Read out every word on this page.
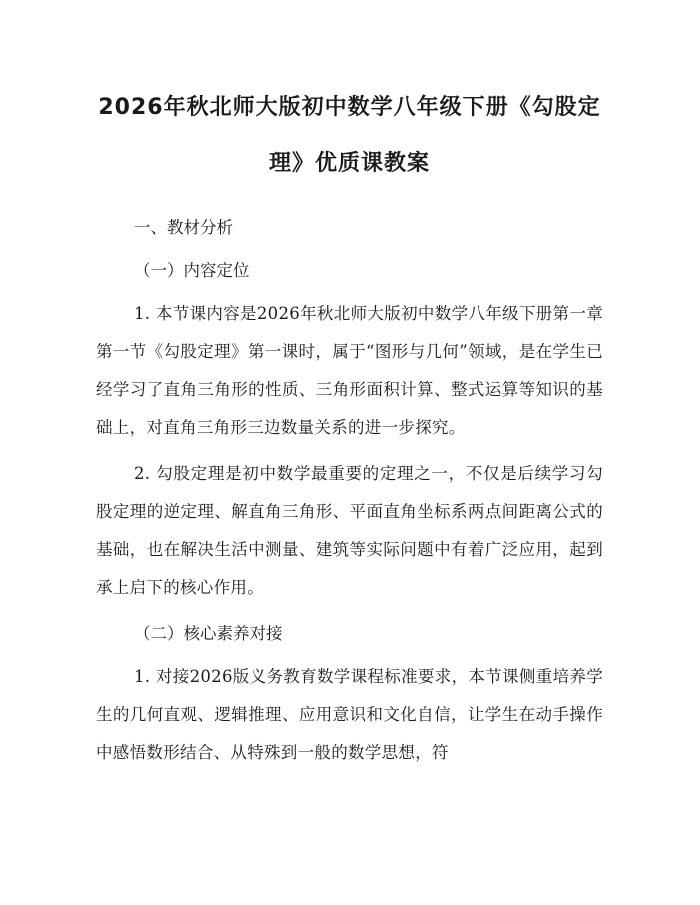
2026年秋北师大版初中数学八年级下册《勾股定理》优质课教案
一、教材分析
（一）内容定位

1. 本节课内容是2026年秋北师大版初中数学八年级下册第一章第一节《勾股定理》第一课时，属于“图形与几何”领域，是在学生已经学习了直角三角形的性质、三角形面积计算、整式运算等知识的基础上，对直角三角形三边数量关系的进一步探究。

2. 勾股定理是初中数学最重要的定理之一，不仅是后续学习勾股定理的逆定理、解直角三角形、平面直角坐标系两点间距离公式的基础，也在解决生活中测量、建筑等实际问题中有着广泛应用，起到承上启下的核心作用。

（二）核心素养对接

1. 对接2026版义务教育数学课程标准要求，本节课侧重培养学生的几何直观、逻辑推理、应用意识和文化自信，让学生在动手操作中感悟数形结合、从特殊到一般的数学思想，符
